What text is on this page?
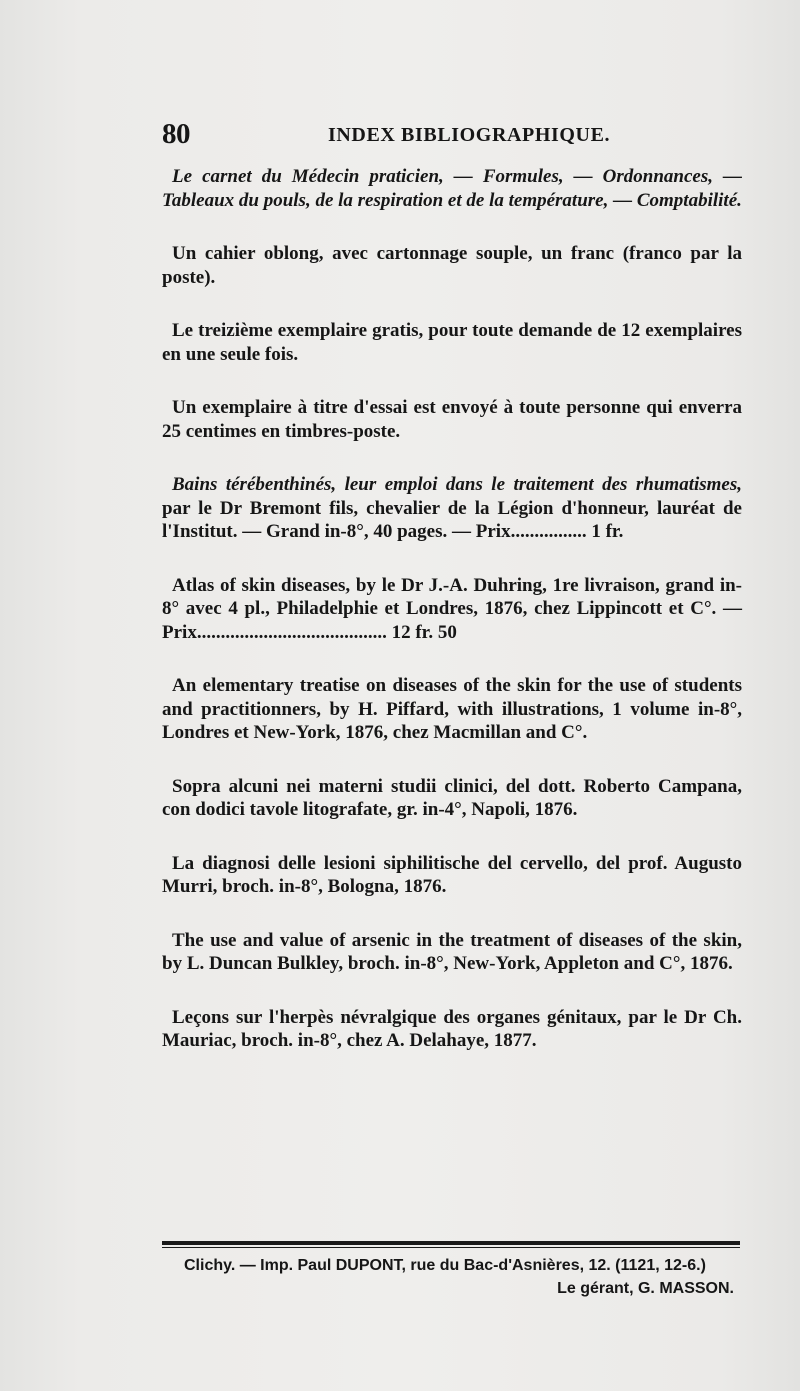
80	INDEX BIBLIOGRAPHIQUE.

Le carnet du Médecin praticien, — Formules, — Ordonnances, — Tableaux du pouls, de la respiration et de la température, — Comptabilité.

Un cahier oblong, avec cartonnage souple, un franc (franco par la poste).

Le treizième exemplaire gratis, pour toute demande de 12 exemplaires en une seule fois.

Un exemplaire à titre d'essai est envoyé à toute personne qui enverra 25 centimes en timbres-poste.

Bains térébenthinés, leur emploi dans le traitement des rhumatismes, par le Dr Bremont fils, chevalier de la Légion d'honneur, lauréat de l'Institut. — Grand in-8°, 40 pages. — Prix................ 1 fr.

Atlas of skin diseases, by le Dr J.-A. Duhring, 1re livraison, grand in-8° avec 4 pl., Philadelphie et Londres, 1876, chez Lippincott et C°. — Prix........................................ 12 fr. 50

An elementary treatise on diseases of the skin for the use of students and practitionners, by H. Piffard, with illustrations, 1 volume in-8°, Londres et New-York, 1876, chez Macmillan and C°.

Sopra alcuni nei materni studii clinici, del dott. Roberto Campana, con dodici tavole litografate, gr. in-4°, Napoli, 1876.

La diagnosi delle lesioni siphilitische del cervello, del prof. Augusto Murri, broch. in-8°, Bologna, 1876.

The use and value of arsenic in the treatment of diseases of the skin, by L. Duncan Bulkley, broch. in-8°, New-York, Appleton and C°, 1876.

Leçons sur l'herpès névralgique des organes génitaux, par le Dr Ch. Mauriac, broch. in-8°, chez A. Delahaye, 1877.

Clichy. — Imp. Paul DUPONT, rue du Bac-d'Asnières, 12. (1121, 12-6.)
Le gérant, G. MASSON.
